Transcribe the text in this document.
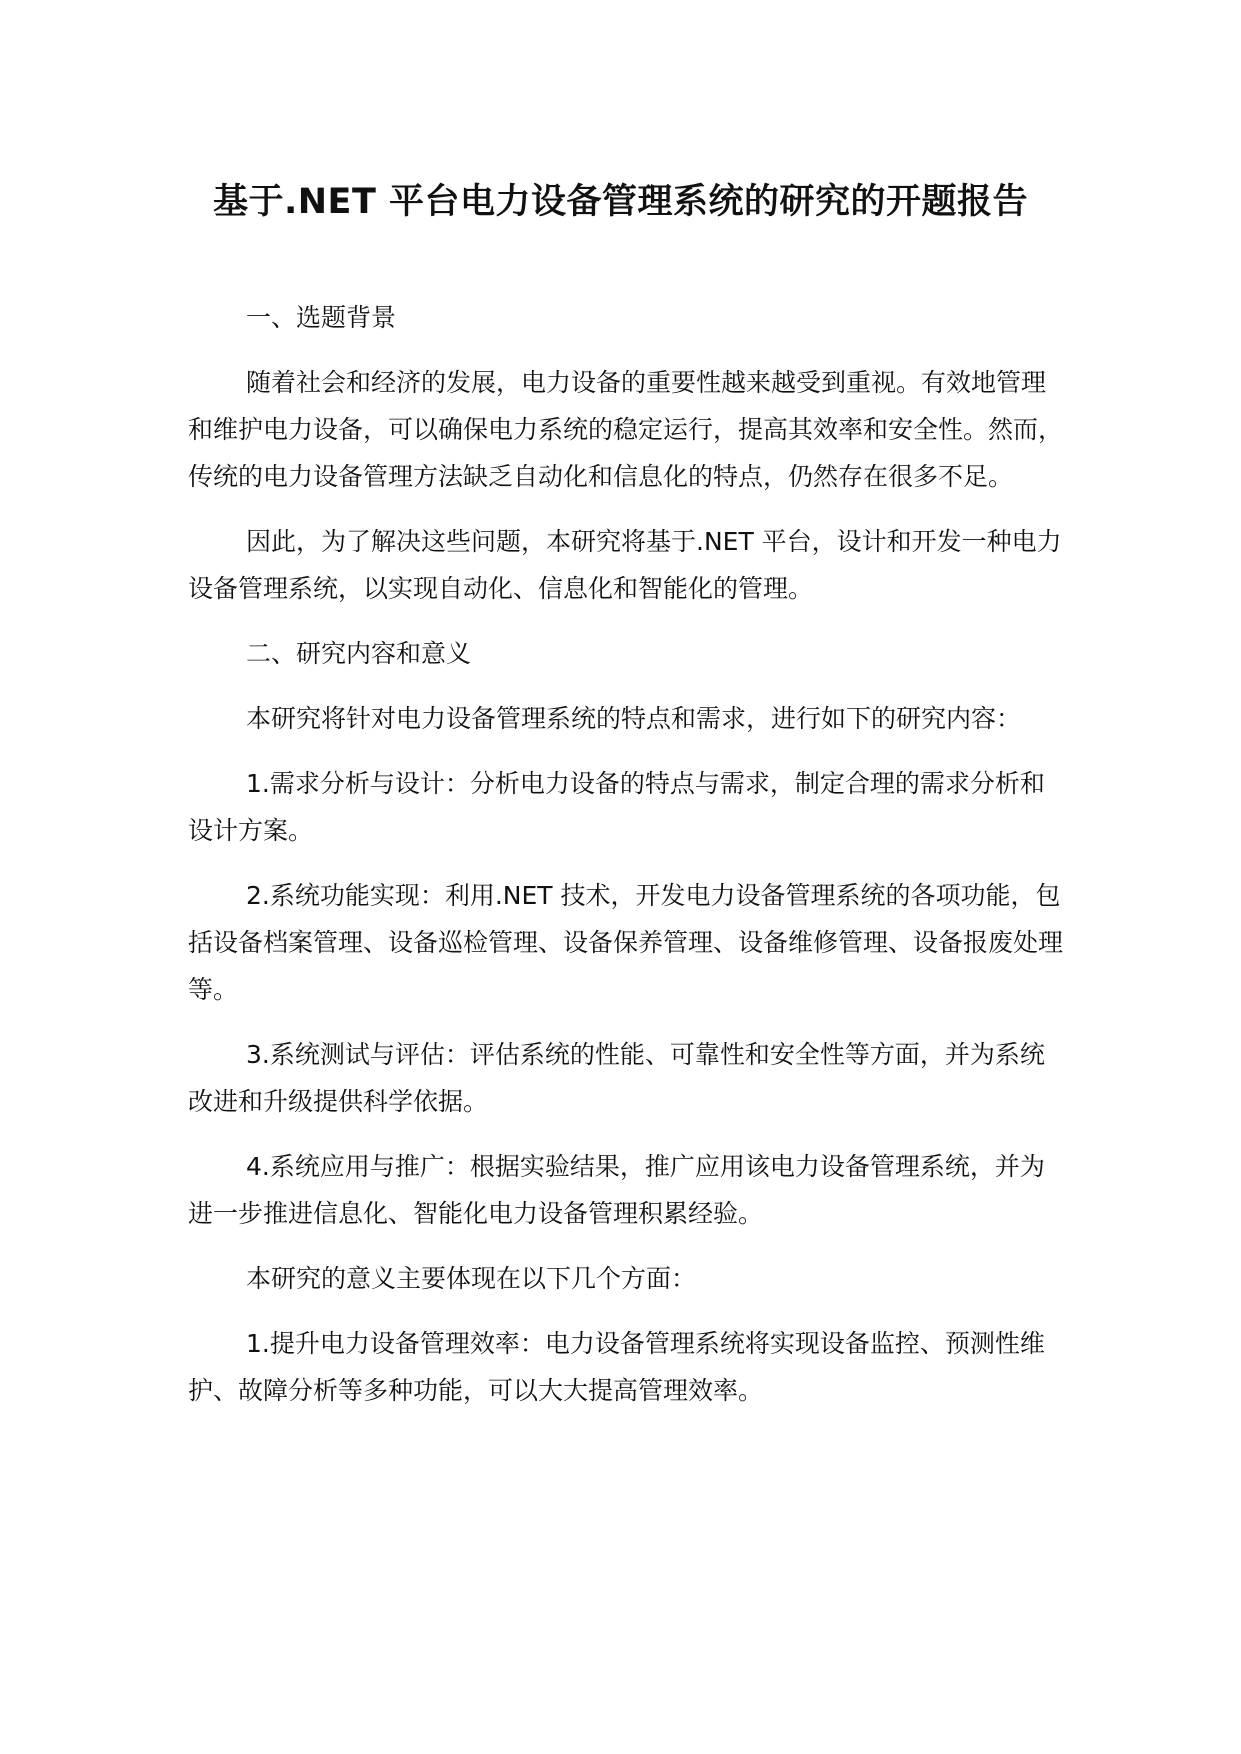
基于.NET 平台电力设备管理系统的研究的开题报告
一、选题背景

随着社会和经济的发展，电力设备的重要性越来越受到重视。有效地管理和维护电力设备，可以确保电力系统的稳定运行，提高其效率和安全性。然而，传统的电力设备管理方法缺乏自动化和信息化的特点，仍然存在很多不足。

因此，为了解决这些问题，本研究将基于.NET 平台，设计和开发一种电力设备管理系统，以实现自动化、信息化和智能化的管理。

二、研究内容和意义

本研究将针对电力设备管理系统的特点和需求，进行如下的研究内容：

1.需求分析与设计：分析电力设备的特点与需求，制定合理的需求分析和设计方案。

2.系统功能实现：利用.NET 技术，开发电力设备管理系统的各项功能，包括设备档案管理、设备巡检管理、设备保养管理、设备维修管理、设备报废处理等。

3.系统测试与评估：评估系统的性能、可靠性和安全性等方面，并为系统改进和升级提供科学依据。

4.系统应用与推广：根据实验结果，推广应用该电力设备管理系统，并为进一步推进信息化、智能化电力设备管理积累经验。

本研究的意义主要体现在以下几个方面：

1.提升电力设备管理效率：电力设备管理系统将实现设备监控、预测性维护、故障分析等多种功能，可以大大提高管理效率。
